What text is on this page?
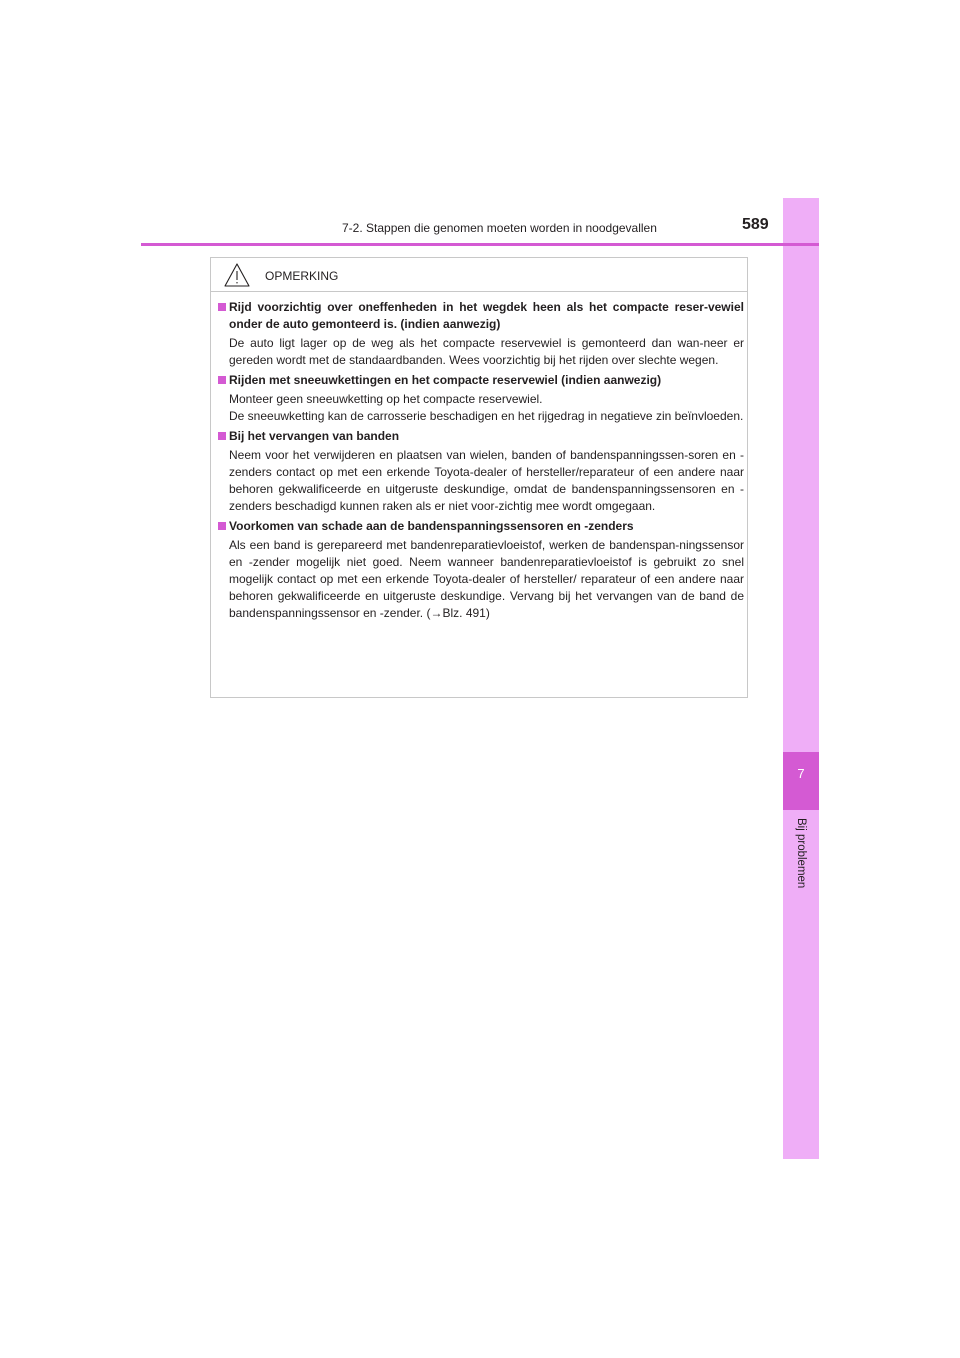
7
Bij problemen
7-2. Stappen die genomen moeten worden in noodgevallen	589
OPMERKING
Rijd voorzichtig over oneffenheden in het wegdek heen als het compacte reser-vewiel onder de auto gemonteerd is. (indien aanwezig)

De auto ligt lager op de weg als het compacte reservewiel is gemonteerd dan wan-neer er gereden wordt met de standaardbanden. Wees voorzichtig bij het rijden over slechte wegen.

Rijden met sneeuwkettingen en het compacte reservewiel (indien aanwezig)

Monteer geen sneeuwketting op het compacte reservewiel.

De sneeuwketting kan de carrosserie beschadigen en het rijgedrag in negatieve zin beïnvloeden.

Bij het vervangen van banden

Neem voor het verwijderen en plaatsen van wielen, banden of bandenspanningssen-soren en -zenders contact op met een erkende Toyota-dealer of hersteller/reparateur of een andere naar behoren gekwalificeerde en uitgeruste deskundige, omdat de bandenspanningssensoren en -zenders beschadigd kunnen raken als er niet voor-zichtig mee wordt omgegaan.

Voorkomen van schade aan de bandenspanningssensoren en -zenders

Als een band is gerepareerd met bandenreparatievloeistof, werken de bandenspan-ningssensor en -zender mogelijk niet goed. Neem wanneer bandenreparatievloeistof is gebruikt zo snel mogelijk contact op met een erkende Toyota-dealer of hersteller/ reparateur of een andere naar behoren gekwalificeerde en uitgeruste deskundige. Vervang bij het vervangen van de band de bandenspanningssensor en -zender. (→Blz. 491)
